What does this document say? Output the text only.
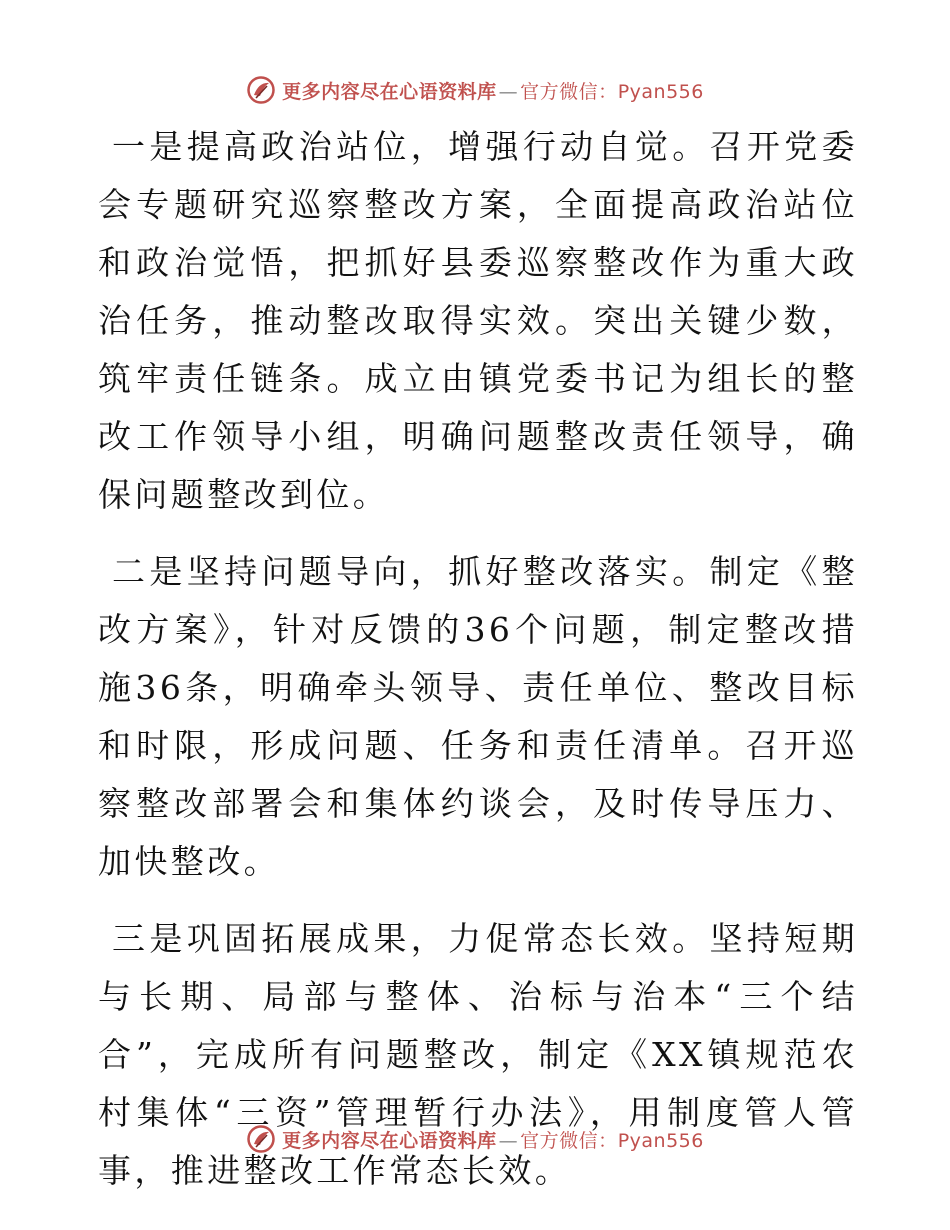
更多内容尽在心语资料库 — 官方微信：Pyan556

一是提高政治站位，增强行动自觉。召开党委会专题研究巡察整改方案，全面提高政治站位和政治觉悟，把抓好县委巡察整改作为重大政治任务，推动整改取得实效。突出关键少数，筑牢责任链条。成立由镇党委书记为组长的整改工作领导小组，明确问题整改责任领导，确保问题整改到位。

二是坚持问题导向，抓好整改落实。制定《整改方案》，针对反馈的36个问题，制定整改措施36条，明确牵头领导、责任单位、整改目标和时限，形成问题、任务和责任清单。召开巡察整改部署会和集体约谈会，及时传导压力、加快整改。

三是巩固拓展成果，力促常态长效。坚持短期与长期、局部与整体、治标与治本“三个结合”，完成所有问题整改，制定《XX镇规范农村集体“三资”管理暂行办法》，用制度管人管事，推进整改工作常态长效。

更多内容尽在心语资料库 — 官方微信：Pyan556
